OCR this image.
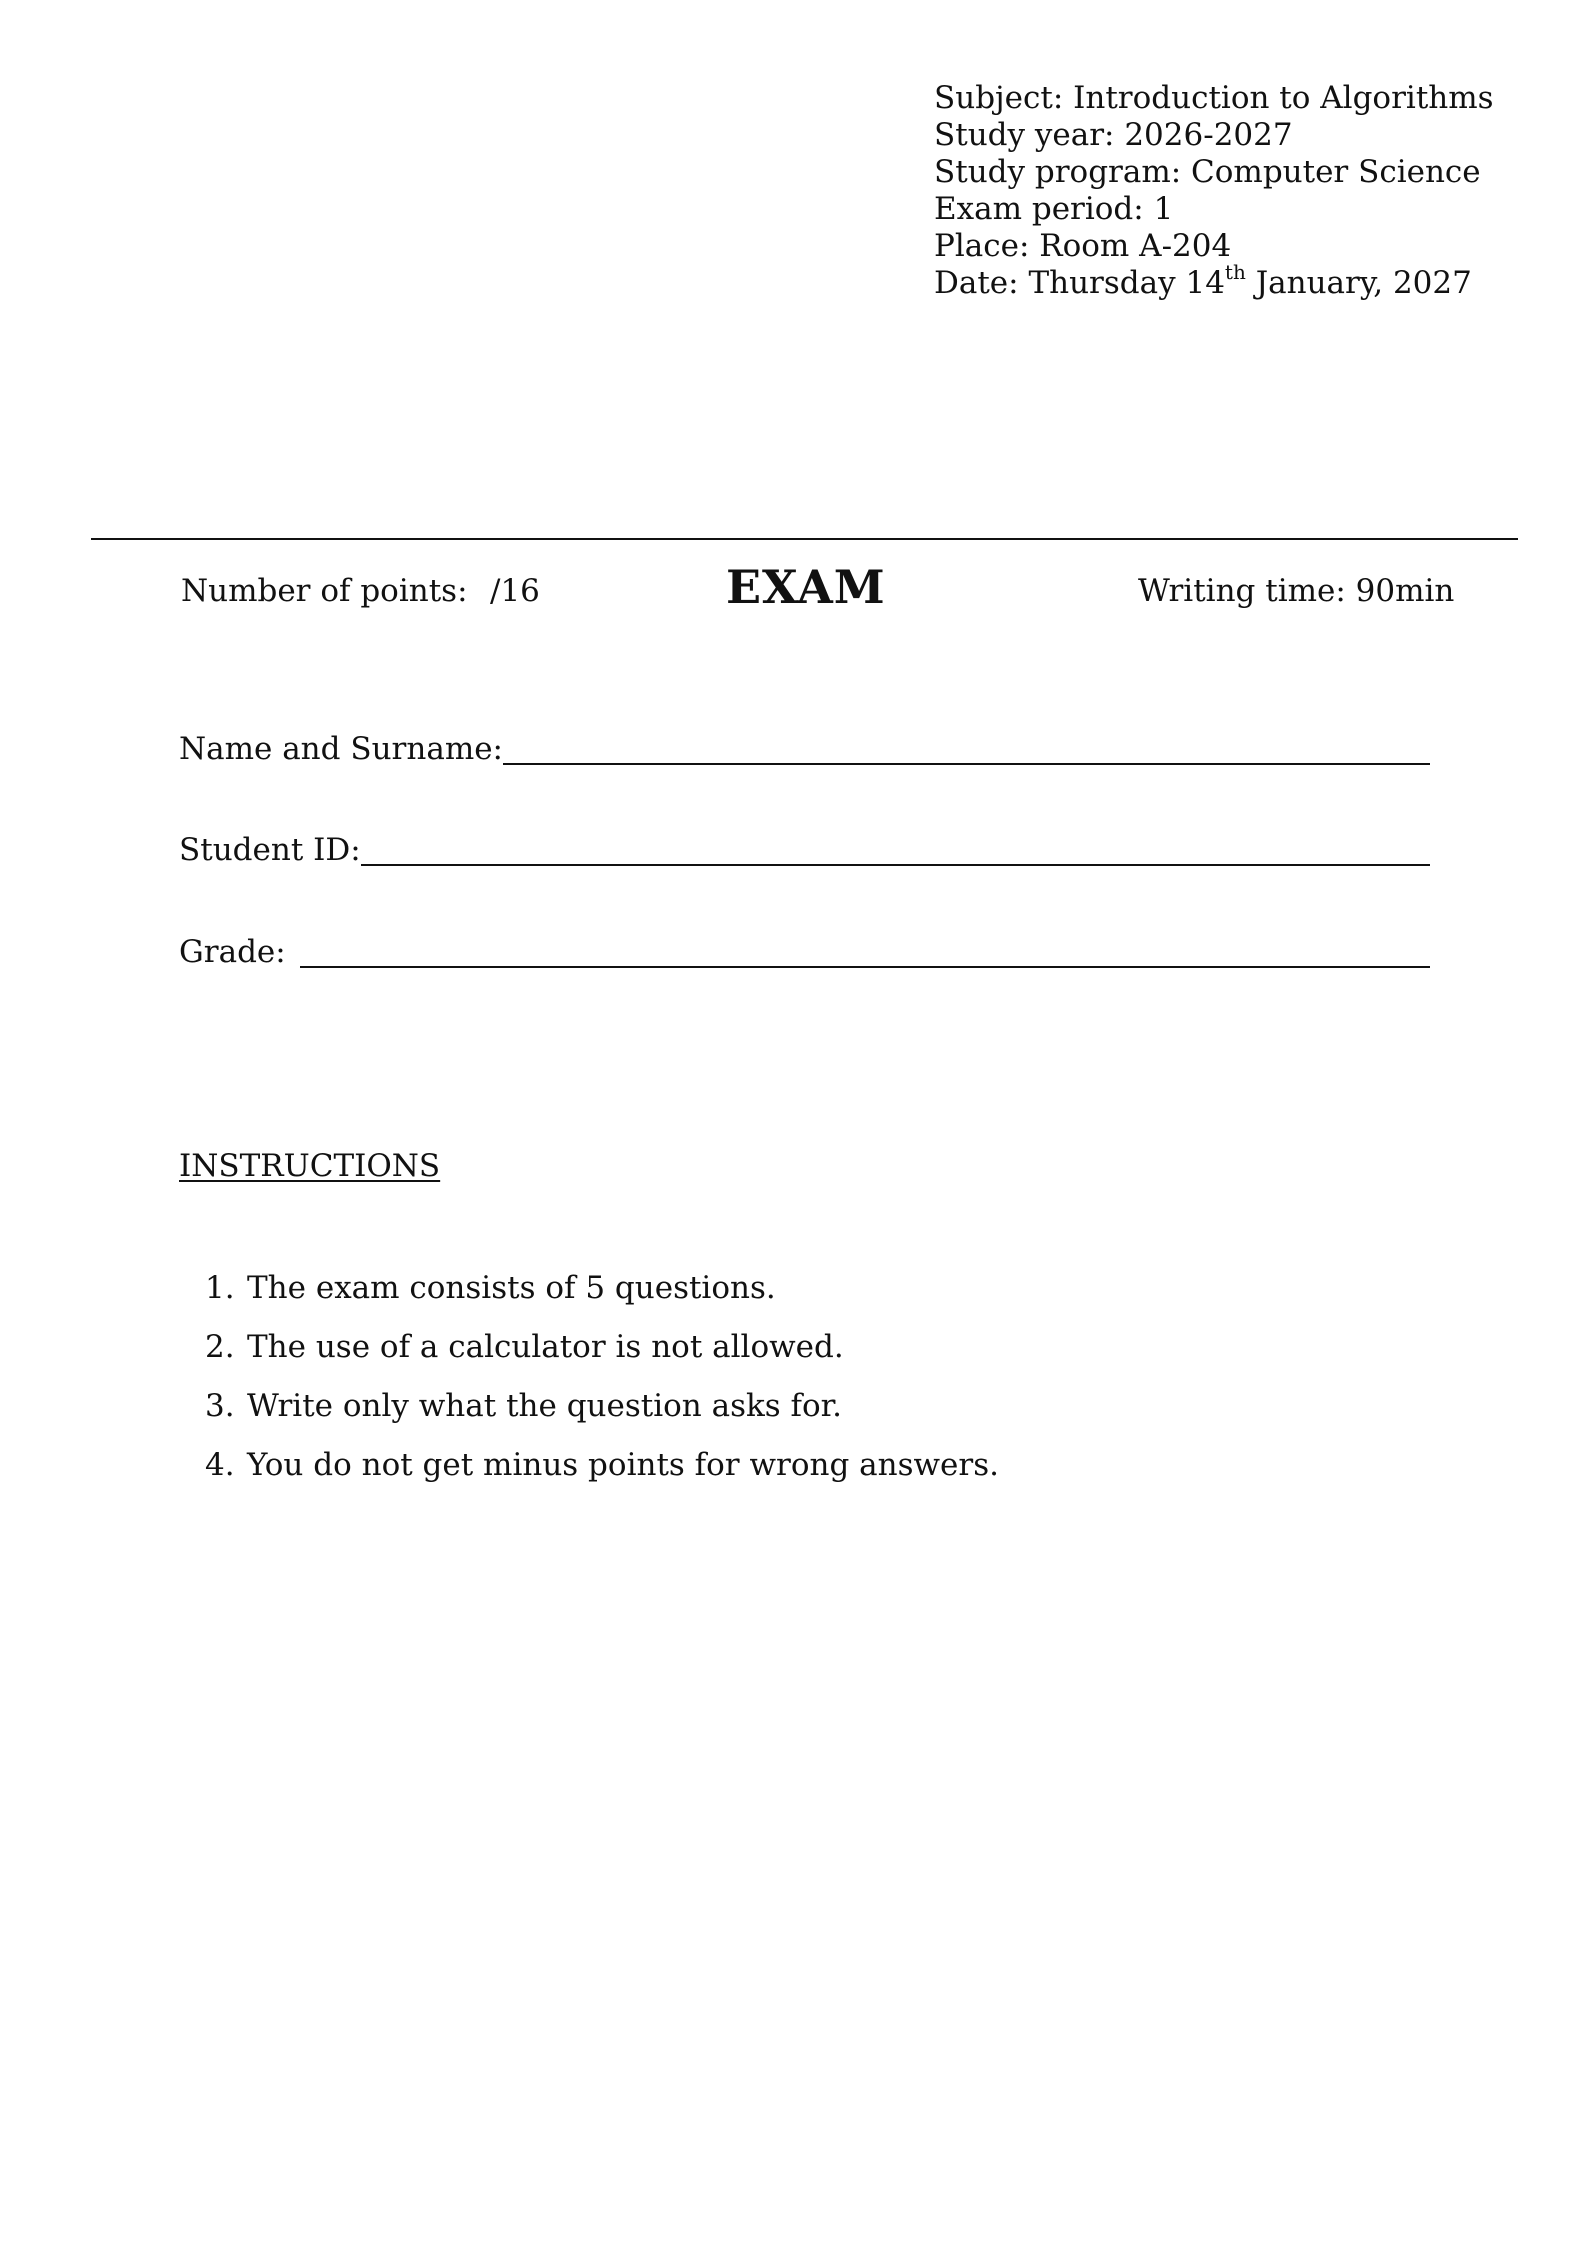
Subject: Introduction to Algorithms
Study year: 2026-2027
Study program: Computer Science
Exam period: 1
Place: Room A-204
Date: Thursday 14th January, 2027
Number of points: /16	EXAM	Writing time: 90min
Name and Surname:
Student ID:
Grade:
INSTRUCTIONS
1. The exam consists of 5 questions.
2. The use of a calculator is not allowed.
3. Write only what the question asks for.
4. You do not get minus points for wrong answers.
